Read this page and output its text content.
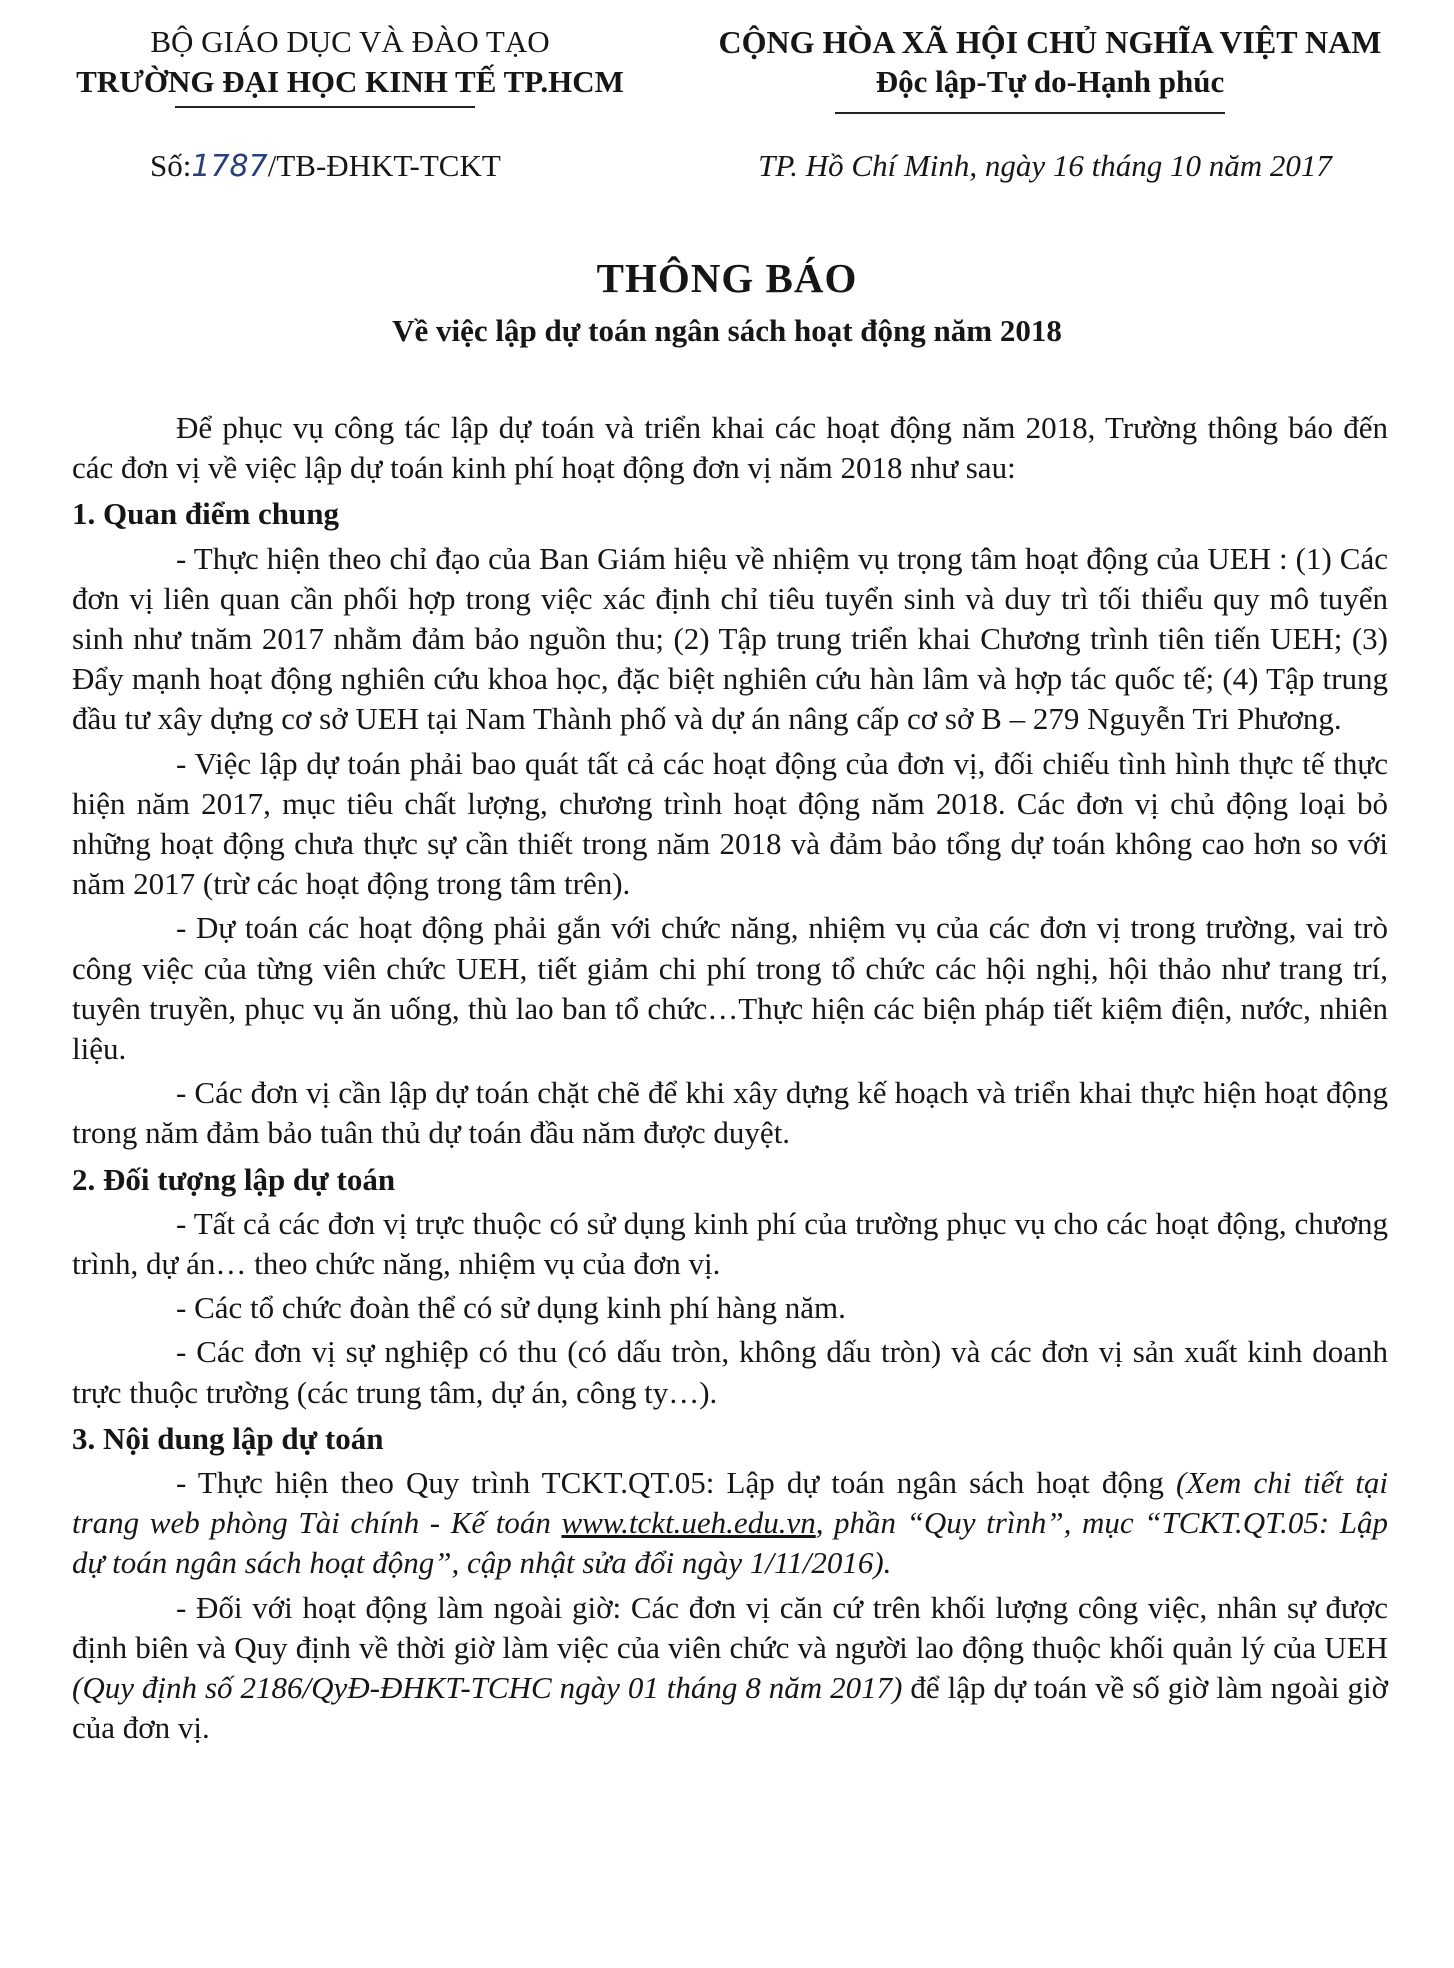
BỘ GIÁO DỤC VÀ ĐÀO TẠO
TRƯỜNG ĐẠI HỌC KINH TẾ TP.HCM
CỘNG HÒA XÃ HỘI CHỦ NGHĨA VIỆT NAM
Độc lập-Tự do-Hạnh phúc
Số:1787/TB-ĐHKT-TCKT	TP. Hồ Chí Minh, ngày 16 tháng 10 năm 2017
THÔNG BÁO
Về việc lập dự toán ngân sách hoạt động năm 2018

Để phục vụ công tác lập dự toán và triển khai các hoạt động năm 2018, Trường thông báo đến các đơn vị về việc lập dự toán kinh phí hoạt động đơn vị năm 2018 như sau:

1. Quan điểm chung

- Thực hiện theo chỉ đạo của Ban Giám hiệu về nhiệm vụ trọng tâm hoạt động của UEH : (1) Các đơn vị liên quan cần phối hợp trong việc xác định chỉ tiêu tuyển sinh và duy trì tối thiểu quy mô tuyển sinh như tnăm 2017 nhằm đảm bảo nguồn thu; (2) Tập trung triển khai Chương trình tiên tiến UEH; (3) Đẩy mạnh hoạt động nghiên cứu khoa học, đặc biệt nghiên cứu hàn lâm và hợp tác quốc tế; (4) Tập trung đầu tư xây dựng cơ sở UEH tại Nam Thành phố và dự án nâng cấp cơ sở B – 279 Nguyễn Tri Phương.

- Việc lập dự toán phải bao quát tất cả các hoạt động của đơn vị, đối chiếu tình hình thực tế thực hiện năm 2017, mục tiêu chất lượng, chương trình hoạt động năm 2018. Các đơn vị chủ động loại bỏ những hoạt động chưa thực sự cần thiết trong năm 2018 và đảm bảo tổng dự toán không cao hơn so với năm 2017 (trừ các hoạt động trong tâm trên).

- Dự toán các hoạt động phải gắn với chức năng, nhiệm vụ của các đơn vị trong trường, vai trò công việc của từng viên chức UEH, tiết giảm chi phí trong tổ chức các hội nghị, hội thảo như trang trí, tuyên truyền, phục vụ ăn uống, thù lao ban tổ chức…Thực hiện các biện pháp tiết kiệm điện, nước, nhiên liệu.

- Các đơn vị cần lập dự toán chặt chẽ để khi xây dựng kế hoạch và triển khai thực hiện hoạt động trong năm đảm bảo tuân thủ dự toán đầu năm được duyệt.

2. Đối tượng lập dự toán

- Tất cả các đơn vị trực thuộc có sử dụng kinh phí của trường phục vụ cho các hoạt động, chương trình, dự án… theo chức năng, nhiệm vụ của đơn vị.

- Các tổ chức đoàn thể có sử dụng kinh phí hàng năm.

- Các đơn vị sự nghiệp có thu (có dấu tròn, không dấu tròn) và các đơn vị sản xuất kinh doanh trực thuộc trường (các trung tâm, dự án, công ty…).

3. Nội dung lập dự toán

- Thực hiện theo Quy trình TCKT.QT.05: Lập dự toán ngân sách hoạt động (Xem chi tiết tại trang web phòng Tài chính - Kế toán www.tckt.ueh.edu.vn, phần “Quy trình”, mục “TCKT.QT.05: Lập dự toán ngân sách hoạt động”, cập nhật sửa đổi ngày 1/11/2016).

- Đối với hoạt động làm ngoài giờ: Các đơn vị căn cứ trên khối lượng công việc, nhân sự được định biên và Quy định về thời giờ làm việc của viên chức và người lao động thuộc khối quản lý của UEH (Quy định số 2186/QyĐ-ĐHKT-TCHC ngày 01 tháng 8 năm 2017) để lập dự toán về số giờ làm ngoài giờ của đơn vị.
